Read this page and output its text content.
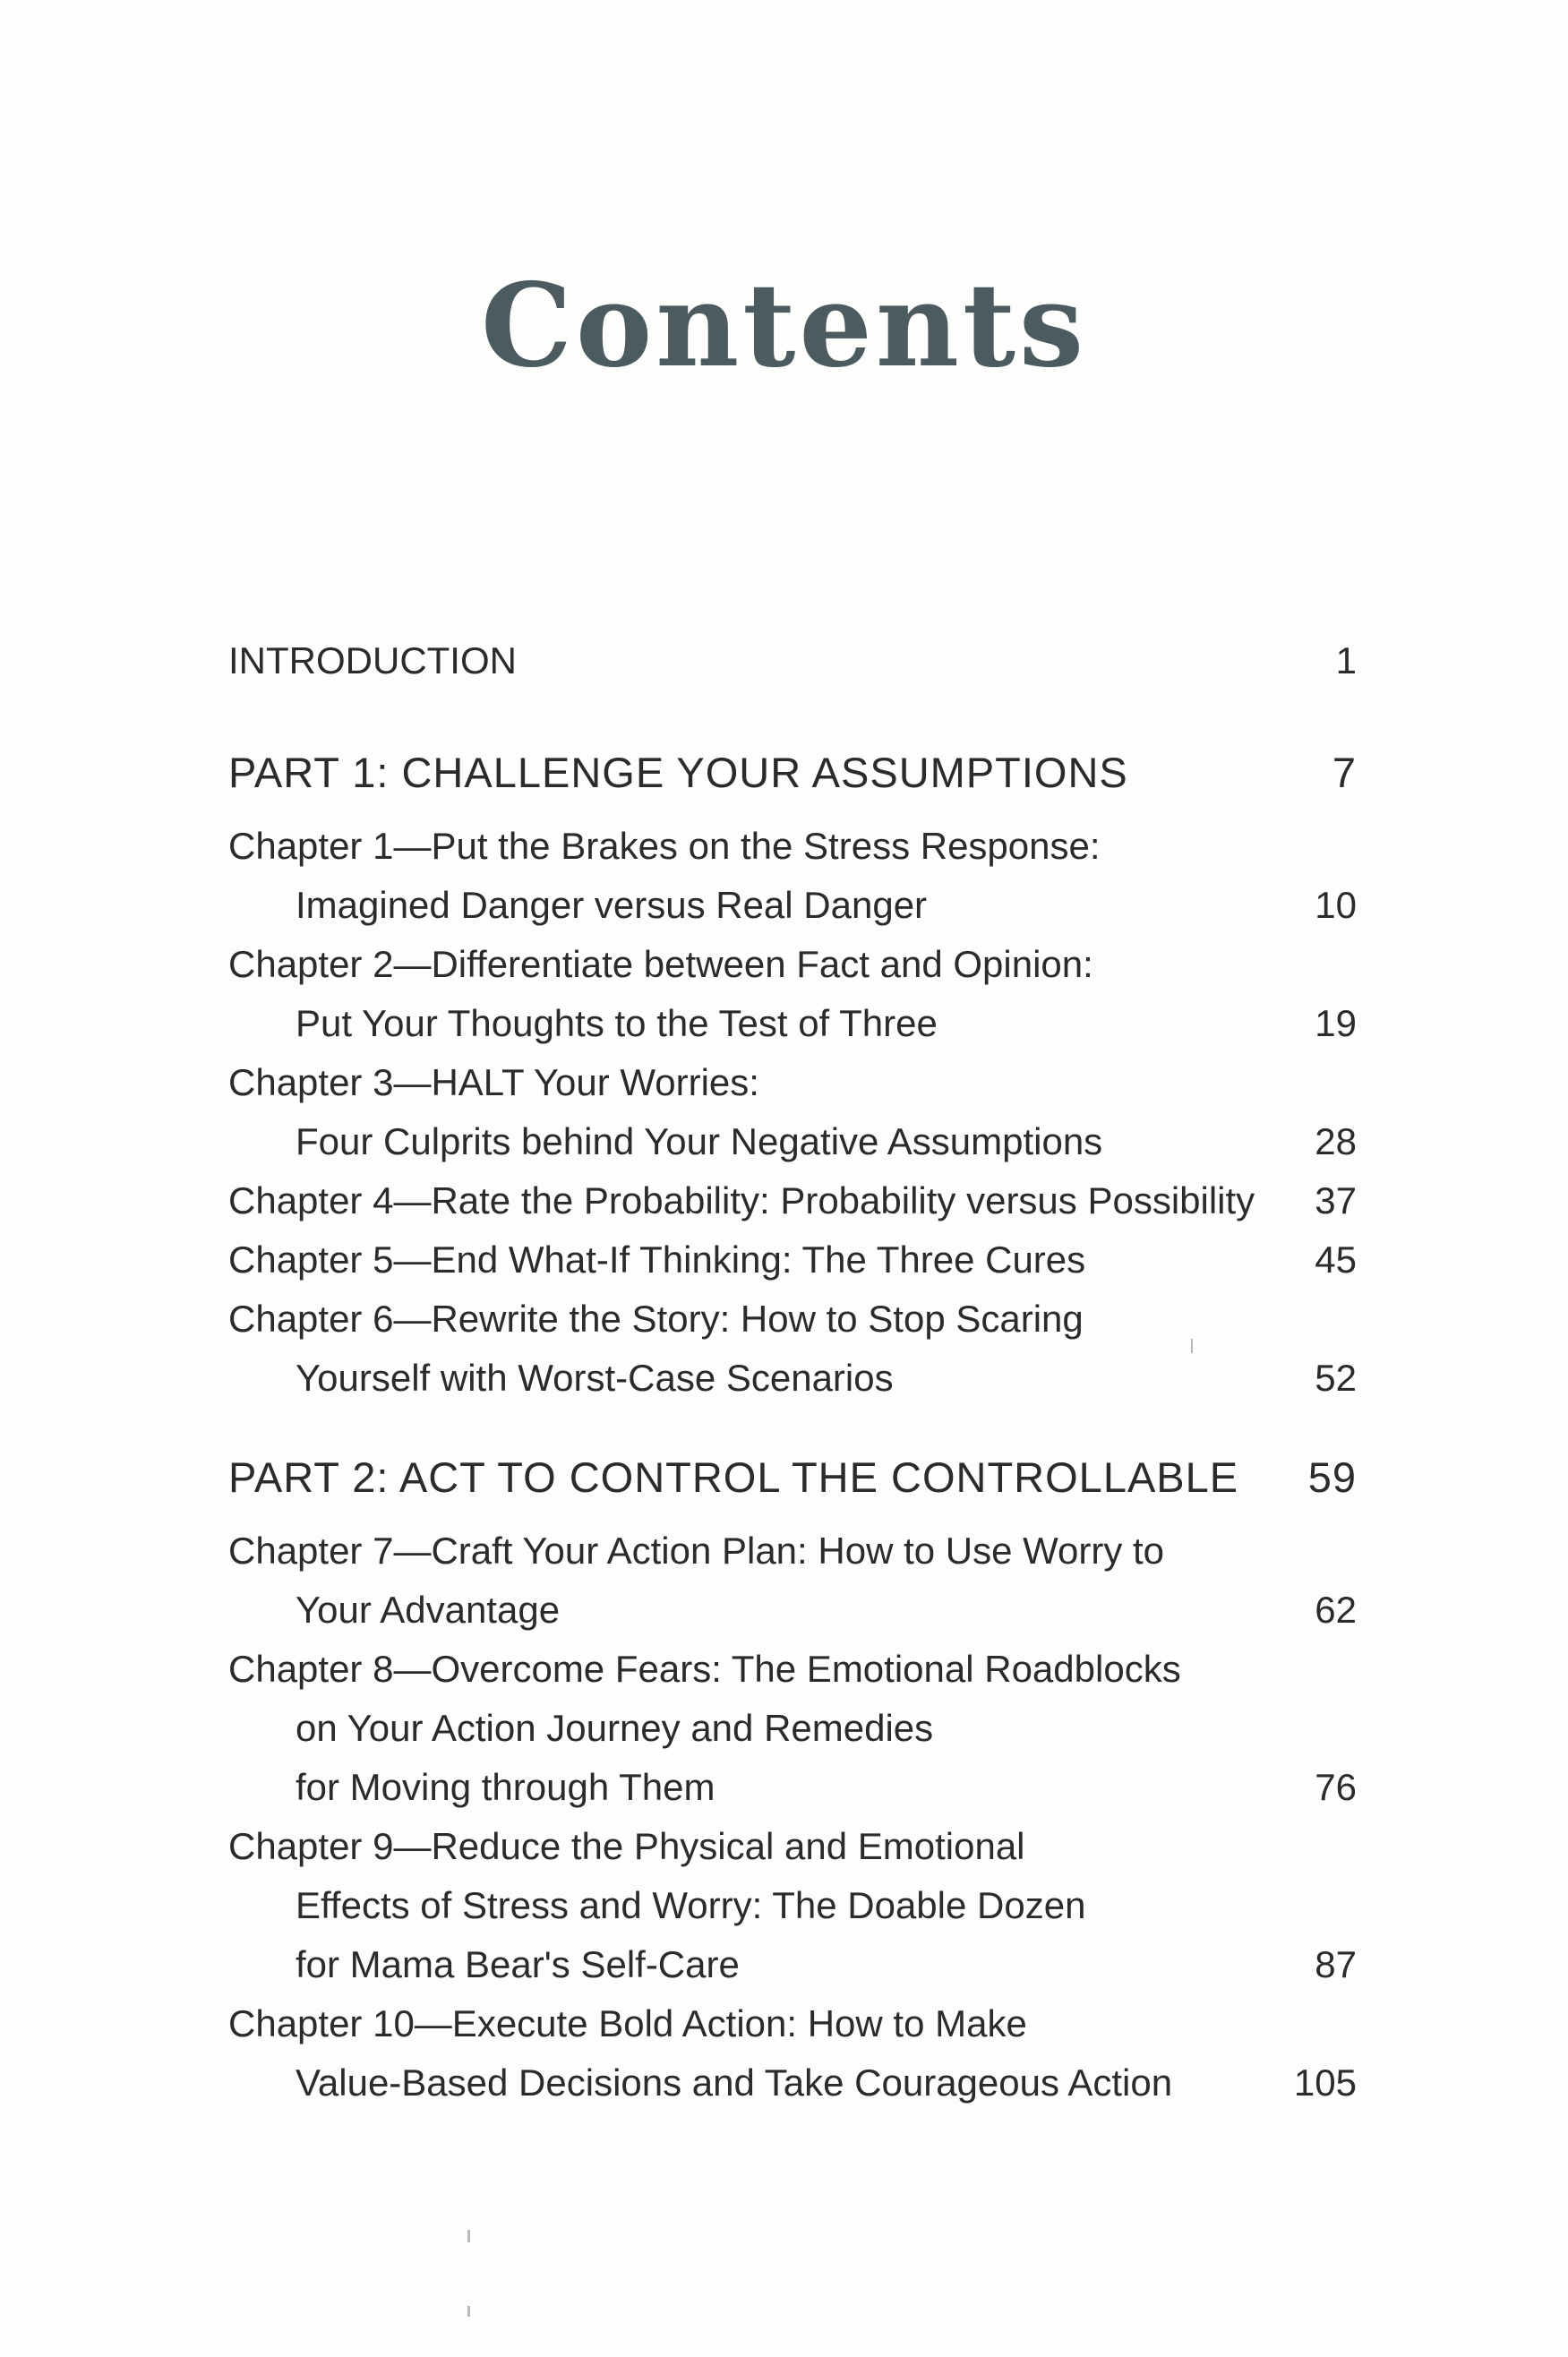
Contents
INTRODUCTION	1
PART 1: CHALLENGE YOUR ASSUMPTIONS	7
Chapter 1—Put the Brakes on the Stress Response:
Imagined Danger versus Real Danger	10
Chapter 2—Differentiate between Fact and Opinion:
Put Your Thoughts to the Test of Three	19
Chapter 3—HALT Your Worries:
Four Culprits behind Your Negative Assumptions	28
Chapter 4—Rate the Probability: Probability versus Possibility 37
Chapter 5—End What-If Thinking: The Three Cures	45
Chapter 6—Rewrite the Story: How to Stop Scaring
Yourself with Worst-Case Scenarios	52
PART 2: ACT TO CONTROL THE CONTROLLABLE 59
Chapter 7—Craft Your Action Plan: How to Use Worry to
Your Advantage	62
Chapter 8—Overcome Fears: The Emotional Roadblocks
on Your Action Journey and Remedies
for Moving through Them	76
Chapter 9—Reduce the Physical and Emotional
Effects of Stress and Worry: The Doable Dozen
for Mama Bear's Self-Care	87
Chapter 10—Execute Bold Action: How to Make
Value-Based Decisions and Take Courageous Action	105
